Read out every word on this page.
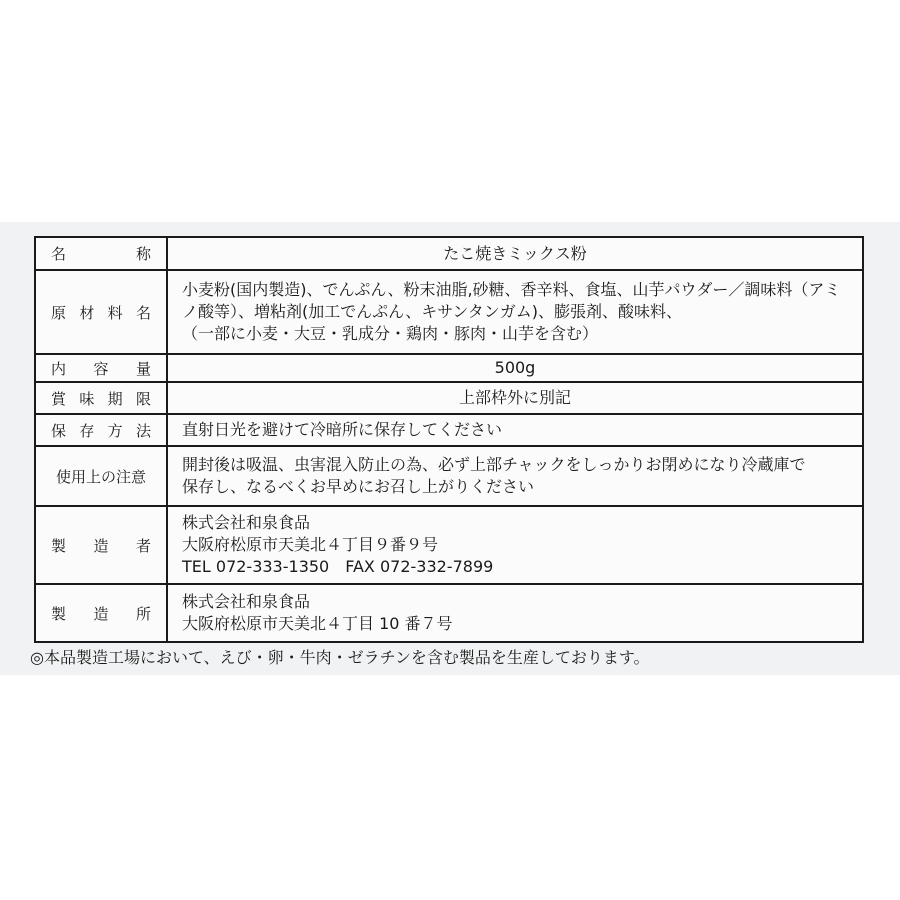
名　　称	たこ焼きミックス粉

原材料名	小麦粉(国内製造)、でんぷん、粉末油脂,砂糖、香辛料、食塩、山芋パウダー／調味料（アミ
ノ酸等）、増粘剤(加工でんぷん、キサンタンガム)、膨張剤、酸味料、
（一部に小麦・大豆・乳成分・鶏肉・豚肉・山芋を含む）

内 容 量	500g

賞味期限	上部枠外に別記

保存方法	直射日光を避けて冷暗所に保存してください

使用上の注意	開封後は吸温、虫害混入防止の為、必ず上部チャックをしっかりお閉めになり冷蔵庫で
保存し、なるべくお早めにお召し上がりください

製 造 者	株式会社和泉食品
大阪府松原市天美北４丁目９番９号
TEL 072-333-1350　FAX 072-332-7899

製 造 所	株式会社和泉食品
大阪府松原市天美北４丁目 10 番７号
◎本品製造工場において、えび・卵・牛肉・ゼラチンを含む製品を生産しております。
